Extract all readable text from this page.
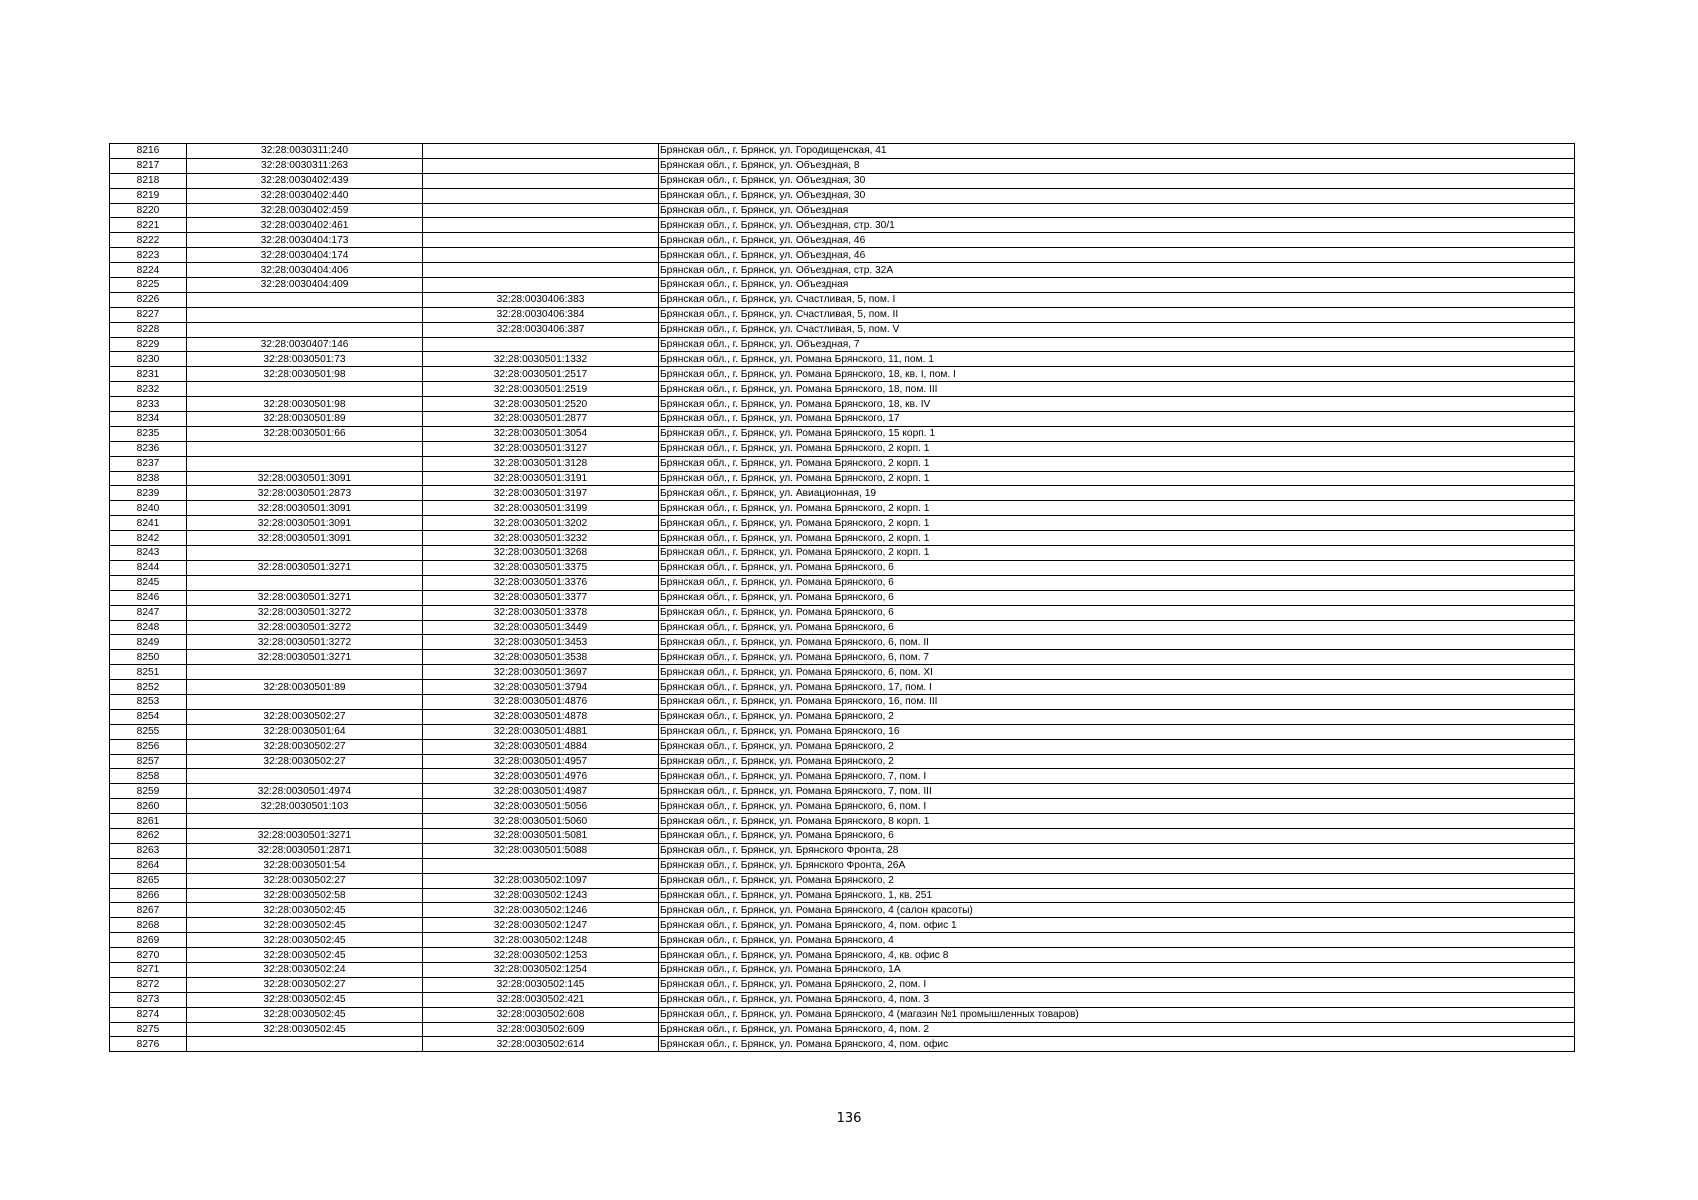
8216	32:28:0030311:240		Брянская обл., г. Брянск, ул. Городищенская, 41
8217	32:28:0030311:263		Брянская обл., г. Брянск, ул. Объездная, 8
8218	32:28:0030402:439		Брянская обл., г. Брянск, ул. Объездная, 30
8219	32:28:0030402:440		Брянская обл., г. Брянск, ул. Объездная, 30
8220	32:28:0030402:459		Брянская обл., г. Брянск, ул. Объездная
8221	32:28:0030402:461		Брянская обл., г. Брянск, ул. Объездная, стр. 30/1
8222	32:28:0030404:173		Брянская обл., г. Брянск, ул. Объездная, 46
8223	32:28:0030404:174		Брянская обл., г. Брянск, ул. Объездная, 46
8224	32:28:0030404:406		Брянская обл., г. Брянск, ул. Объездная, стр. 32А
8225	32:28:0030404:409		Брянская обл., г. Брянск, ул. Объездная
8226		32:28:0030406:383	Брянская обл., г. Брянск, ул. Счастливая, 5, пом. I
8227		32:28:0030406:384	Брянская обл., г. Брянск, ул. Счастливая, 5, пом. II
8228		32:28:0030406:387	Брянская обл., г. Брянск, ул. Счастливая, 5, пом. V
8229	32:28:0030407:146		Брянская обл., г. Брянск, ул. Объездная, 7
8230	32:28:0030501:73	32:28:0030501:1332	Брянская обл., г. Брянск, ул. Романа Брянского, 11, пом. 1
8231	32:28:0030501:98	32:28:0030501:2517	Брянская обл., г. Брянск, ул. Романа Брянского, 18, кв. I, пом. I
8232		32:28:0030501:2519	Брянская обл., г. Брянск, ул. Романа Брянского, 18, пом. III
8233	32:28:0030501:98	32:28:0030501:2520	Брянская обл., г. Брянск, ул. Романа Брянского, 18, кв. IV
8234	32:28:0030501:89	32:28:0030501:2877	Брянская обл., г. Брянск, ул. Романа Брянского, 17
8235	32:28:0030501:66	32:28:0030501:3054	Брянская обл., г. Брянск, ул. Романа Брянского, 15 корп. 1
8236		32:28:0030501:3127	Брянская обл., г. Брянск, ул. Романа Брянского, 2 корп. 1
8237		32:28:0030501:3128	Брянская обл., г. Брянск, ул. Романа Брянского, 2 корп. 1
8238	32:28:0030501:3091	32:28:0030501:3191	Брянская обл., г. Брянск, ул. Романа Брянского, 2 корп. 1
8239	32:28:0030501:2873	32:28:0030501:3197	Брянская обл., г. Брянск, ул. Авиационная, 19
8240	32:28:0030501:3091	32:28:0030501:3199	Брянская обл., г. Брянск, ул. Романа Брянского, 2 корп. 1
8241	32:28:0030501:3091	32:28:0030501:3202	Брянская обл., г. Брянск, ул. Романа Брянского, 2 корп. 1
8242	32:28:0030501:3091	32:28:0030501:3232	Брянская обл., г. Брянск, ул. Романа Брянского, 2 корп. 1
8243		32:28:0030501:3268	Брянская обл., г. Брянск, ул. Романа Брянского, 2 корп. 1
8244	32:28:0030501:3271	32:28:0030501:3375	Брянская обл., г. Брянск, ул. Романа Брянского, 6
8245		32:28:0030501:3376	Брянская обл., г. Брянск, ул. Романа Брянского, 6
8246	32:28:0030501:3271	32:28:0030501:3377	Брянская обл., г. Брянск, ул. Романа Брянского, 6
8247	32:28:0030501:3272	32:28:0030501:3378	Брянская обл., г. Брянск, ул. Романа Брянского, 6
8248	32:28:0030501:3272	32:28:0030501:3449	Брянская обл., г. Брянск, ул. Романа Брянского, 6
8249	32:28:0030501:3272	32:28:0030501:3453	Брянская обл., г. Брянск, ул. Романа Брянского, 6, пом. II
8250	32:28:0030501:3271	32:28:0030501:3538	Брянская обл., г. Брянск, ул. Романа Брянского, 6, пом. 7
8251		32:28:0030501:3697	Брянская обл., г. Брянск, ул. Романа Брянского, 6, пом. XI
8252	32:28:0030501:89	32:28:0030501:3794	Брянская обл., г. Брянск, ул. Романа Брянского, 17, пом. I
8253		32:28:0030501:4876	Брянская обл., г. Брянск, ул. Романа Брянского, 16, пом. III
8254	32:28:0030502:27	32:28:0030501:4878	Брянская обл., г. Брянск, ул. Романа Брянского, 2
8255	32:28:0030501:64	32:28:0030501:4881	Брянская обл., г. Брянск, ул. Романа Брянского, 16
8256	32:28:0030502:27	32:28:0030501:4884	Брянская обл., г. Брянск, ул. Романа Брянского, 2
8257	32:28:0030502:27	32:28:0030501:4957	Брянская обл., г. Брянск, ул. Романа Брянского, 2
8258		32:28:0030501:4976	Брянская обл., г. Брянск, ул. Романа Брянского, 7, пом. I
8259	32:28:0030501:4974	32:28:0030501:4987	Брянская обл., г. Брянск, ул. Романа Брянского, 7, пом. III
8260	32:28:0030501:103	32:28:0030501:5056	Брянская обл., г. Брянск, ул. Романа Брянского, 6, пом. I
8261		32:28:0030501:5060	Брянская обл., г. Брянск, ул. Романа Брянского, 8 корп. 1
8262	32:28:0030501:3271	32:28:0030501:5081	Брянская обл., г. Брянск, ул. Романа Брянского, 6
8263	32:28:0030501:2871	32:28:0030501:5088	Брянская обл., г. Брянск, ул. Брянского Фронта, 28
8264	32:28:0030501:54		Брянская обл., г. Брянск, ул. Брянского Фронта, 26А
8265	32:28:0030502:27	32:28:0030502:1097	Брянская обл., г. Брянск, ул. Романа Брянского, 2
8266	32:28:0030502:58	32:28:0030502:1243	Брянская обл., г. Брянск, ул. Романа Брянского, 1, кв. 251
8267	32:28:0030502:45	32:28:0030502:1246	Брянская обл., г. Брянск, ул. Романа Брянского, 4 (салон красоты)
8268	32:28:0030502:45	32:28:0030502:1247	Брянская обл., г. Брянск, ул. Романа Брянского, 4, пом. офис 1
8269	32:28:0030502:45	32:28:0030502:1248	Брянская обл., г. Брянск, ул. Романа Брянского, 4
8270	32:28:0030502:45	32:28:0030502:1253	Брянская обл., г. Брянск, ул. Романа Брянского, 4, кв. офис 8
8271	32:28:0030502:24	32:28:0030502:1254	Брянская обл., г. Брянск, ул. Романа Брянского, 1А
8272	32:28:0030502:27	32:28:0030502:145	Брянская обл., г. Брянск, ул. Романа Брянского, 2, пом. I
8273	32:28:0030502:45	32:28:0030502:421	Брянская обл., г. Брянск, ул. Романа Брянского, 4, пом. 3
8274	32:28:0030502:45	32:28:0030502:608	Брянская обл., г. Брянск, ул. Романа Брянского, 4 (магазин №1 промышленных товаров)
8275	32:28:0030502:45	32:28:0030502:609	Брянская обл., г. Брянск, ул. Романа Брянского, 4, пом. 2
8276		32:28:0030502:614	Брянская обл., г. Брянск, ул. Романа Брянского, 4, пом. офис
136
